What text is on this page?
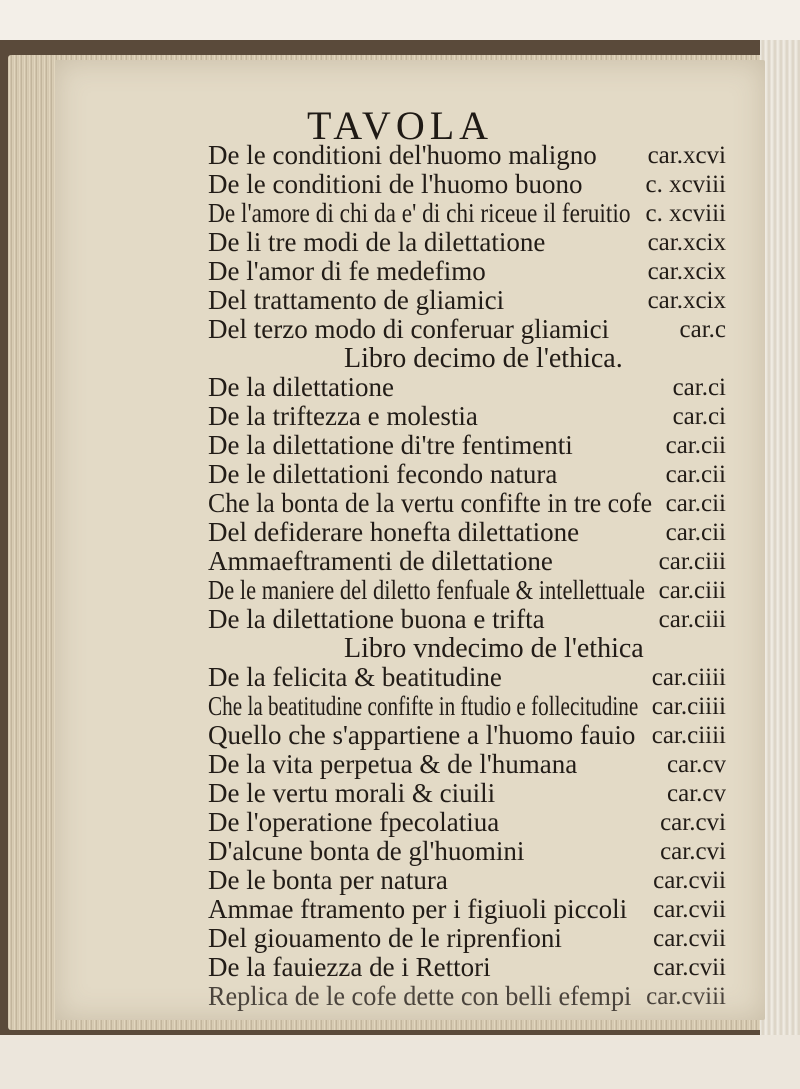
TAVOLA
De le conditioni del'huomo maligno car.xcvi
De le conditioni de l'huomo buono	c. xcviii
De l'amore di chi da e' di chi riceue il feruitio c. xcviii
De li tre modi de la dilettatione	car.xcix
De l'amor di fe medefimo	car.xcix
Del trattamento de gliamici	car.xcix
Del terzo modo di conferuar gliamici	car.c
Libro decimo de l'ethica.
De la dilettatione	car.ci
De la triftezza e molestia	car.ci
De la dilettatione di'tre fentimenti	car.cii
De le dilettationi fecondo natura	car.cii
Che la bonta de la vertu confifte in tre cofe car.cii
Del defiderare honefta dilettatione	car.cii
Ammaeftramenti de dilettatione	car.ciii
De le maniere del diletto fenfuale & intellettuale car.ciii
De la dilettatione buona e trifta	car.ciii
Libro vndecimo de l'ethica
De la felicita & beatitudine	car.ciiii
Che la beatitudine confifte in ftudio e follecitudine car.ciiii
Quello che s'appartiene a l'huomo fauio car.ciiii
De la vita perpetua & de l'humana	car.cv
De le vertu morali & ciuili	car.cv
De l'operatione fpecolatiua	car.cvi
D'alcune bonta de gl'huomini	car.cvi
De le bonta per natura	car.cvii
Ammae ftramento per i figiuoli piccoli car.cvii
Del giouamento de le riprenfioni	car.cvii
De la fauiezza de i Rettori	car.cvii
Replica de le cofe dette con belli efempi car.cviii
